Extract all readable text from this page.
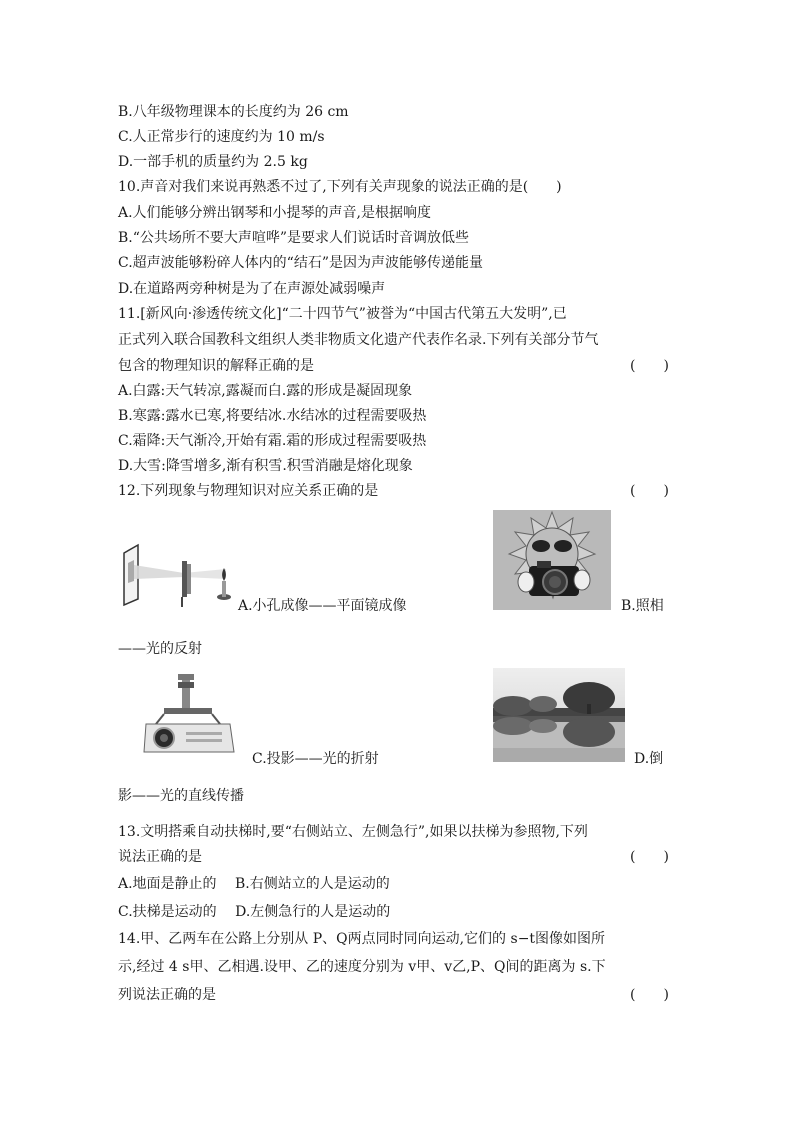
B.八年级物理课本的长度约为 26 cm
C.人正常步行的速度约为 10 m/s
D.一部手机的质量约为 2.5 kg
10.声音对我们来说再熟悉不过了,下列有关声现象的说法正确的是(　　)
A.人们能够分辨出钢琴和小提琴的声音,是根据响度
B.“公共场所不要大声喧哗”是要求人们说话时音调放低些
C.超声波能够粉碎人体内的“结石”是因为声波能够传递能量
D.在道路两旁种树是为了在声源处减弱噪声
11.[新风向·渗透传统文化]“二十四节气”被誉为“中国古代第五大发明”,已
正式列入联合国教科文组织人类非物质文化遗产代表作名录.下列有关部分节气
包含的物理知识的解释正确的是	(　　)
A.白露:天气转凉,露凝而白.露的形成是凝固现象
B.寒露:露水已寒,将要结冰.水结冰的过程需要吸热
C.霜降:天气渐冷,开始有霜.霜的形成过程需要吸热
D.大雪:降雪增多,渐有积雪.积雪消融是熔化现象
12.下列现象与物理知识对应关系正确的是	(　　)
A.小孔成像——平面镜成像	B.照相
——光的反射
C.投影——光的折射	D.倒
影——光的直线传播
13.文明搭乘自动扶梯时,要“右侧站立、左侧急行”,如果以扶梯为参照物,下列
说法正确的是	(　　)
A.地面是静止的　 B.右侧站立的人是运动的
C.扶梯是运动的　 D.左侧急行的人是运动的
14.甲、乙两车在公路上分别从 P、Q两点同时同向运动,它们的 s−t图像如图所
示,经过 4 s甲、乙相遇.设甲、乙的速度分别为 v甲、v乙,P、Q间的距离为 s.下
列说法正确的是	(　　)
